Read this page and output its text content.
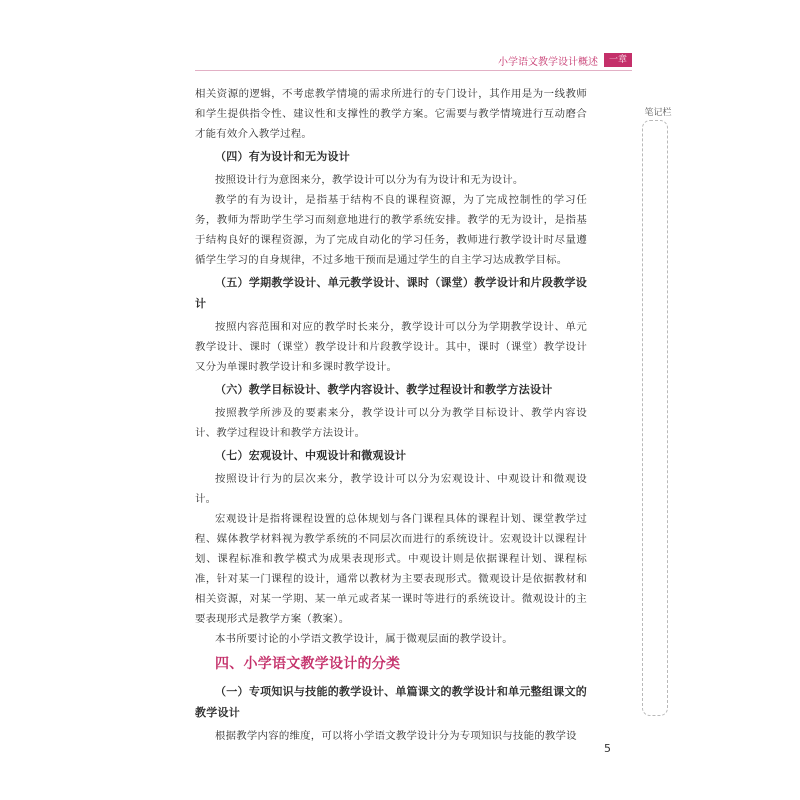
小学语文教学设计概述	一章
笔记栏

相关资源的逻辑，不考虑教学情境的需求所进行的专门设计，其作用是为一线教师和学生提供指令性、建议性和支撑性的教学方案。它需要与教学情境进行互动磨合才能有效介入教学过程。

（四）有为设计和无为设计

按照设计行为意图来分，教学设计可以分为有为设计和无为设计。

教学的有为设计，是指基于结构不良的课程资源，为了完成控制性的学习任务，教师为帮助学生学习而刻意地进行的教学系统安排。教学的无为设计，是指基于结构良好的课程资源，为了完成自动化的学习任务，教师进行教学设计时尽量遵循学生学习的自身规律，不过多地干预而是通过学生的自主学习达成教学目标。

（五）学期教学设计、单元教学设计、课时（课堂）教学设计和片段教学设计

按照内容范围和对应的教学时长来分，教学设计可以分为学期教学设计、单元教学设计、课时（课堂）教学设计和片段教学设计。其中，课时（课堂）教学设计又分为单课时教学设计和多课时教学设计。

（六）教学目标设计、教学内容设计、教学过程设计和教学方法设计

按照教学所涉及的要素来分，教学设计可以分为教学目标设计、教学内容设计、教学过程设计和教学方法设计。

（七）宏观设计、中观设计和微观设计

按照设计行为的层次来分，教学设计可以分为宏观设计、中观设计和微观设计。

宏观设计是指将课程设置的总体规划与各门课程具体的课程计划、课堂教学过程、媒体教学材料视为教学系统的不同层次而进行的系统设计。宏观设计以课程计划、课程标准和教学模式为成果表现形式。中观设计则是依据课程计划、课程标准，针对某一门课程的设计，通常以教材为主要表现形式。微观设计是依据教材和相关资源，对某一学期、某一单元或者某一课时等进行的系统设计。微观设计的主要表现形式是教学方案（教案）。

本书所要讨论的小学语文教学设计，属于微观层面的教学设计。

四、小学语文教学设计的分类

（一）专项知识与技能的教学设计、单篇课文的教学设计和单元整组课文的教学设计

根据教学内容的维度，可以将小学语文教学设计分为专项知识与技能的教学设

5
